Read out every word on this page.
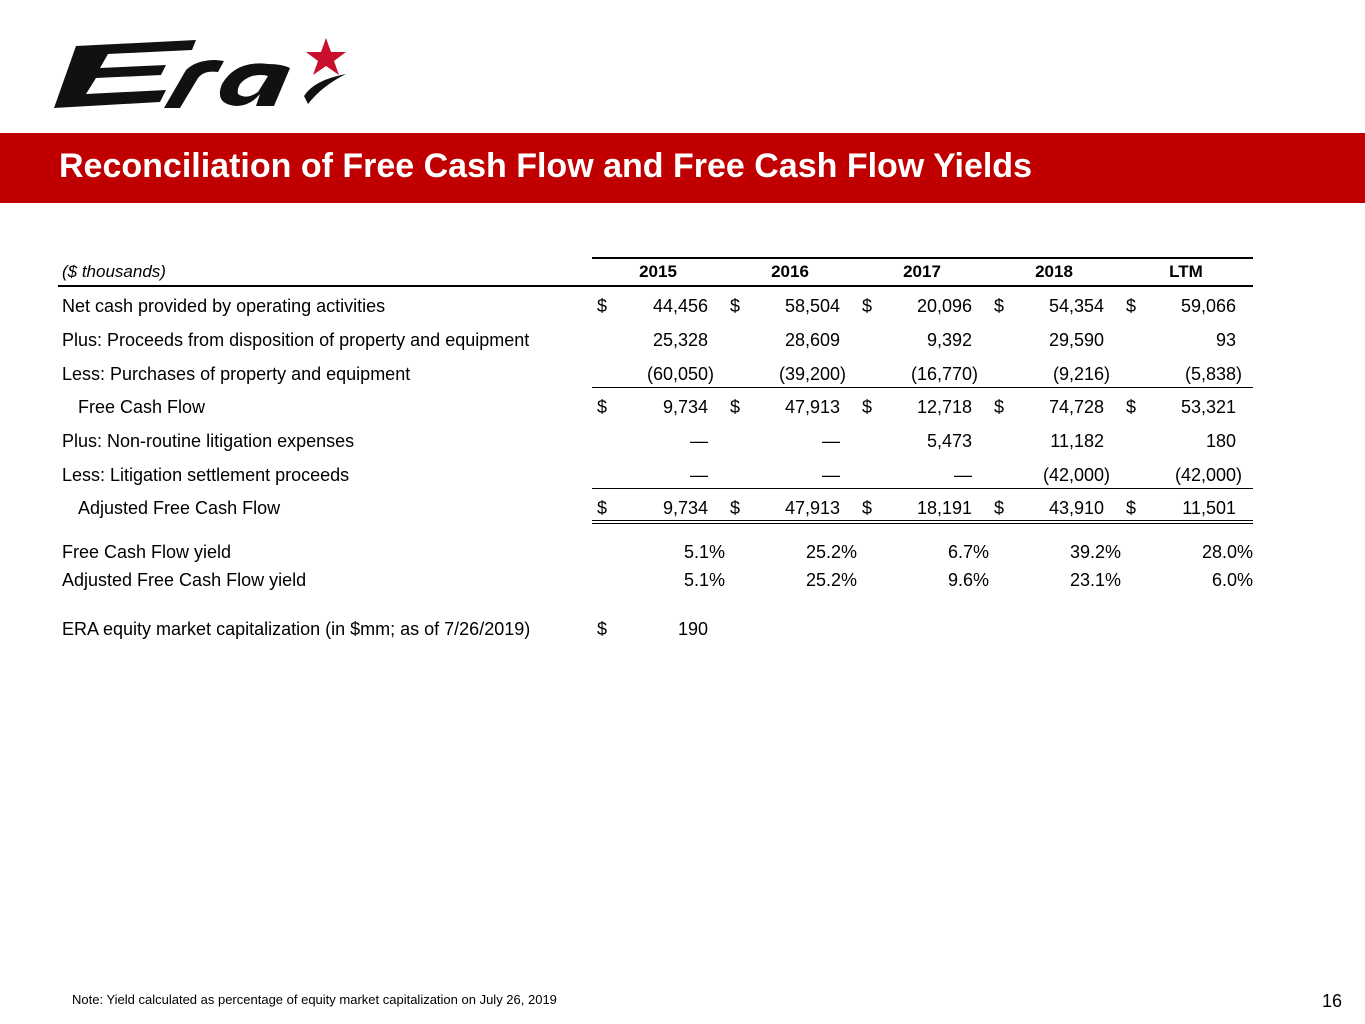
Reconciliation of Free Cash Flow and Free Cash Flow Yields
($ thousands)	2015	2016	2017	2018	LTM
Net cash provided by operating activities	$	44,456 $	58,504 $	20,096 $	54,354 $	59,066
Plus: Proceeds from disposition of property and equipment	25,328	28,609	9,392	29,590	93
Less: Purchases of property and equipment	(60,050)	(39,200)	(16,770)	(9,216)	(5,838)
Free Cash Flow	$	9,734 $	47,913 $	12,718 $	74,728 $	53,321
Plus: Non-routine litigation expenses	—	—	5,473	11,182	180
Less: Litigation settlement proceeds	—	—	—	(42,000)	(42,000)
Adjusted Free Cash Flow	$	9,734 $	47,913 $	18,191 $	43,910 $	11,501
Free Cash Flow yield	5.1%	25.2%	6.7%	39.2%	28.0%
Adjusted Free Cash Flow yield	5.1%	25.2%	9.6%	23.1%	6.0%
ERA equity market capitalization (in $mm; as of 7/26/2019)	$	190
Note: Yield calculated as percentage of equity market capitalization on July 26, 2019	16
